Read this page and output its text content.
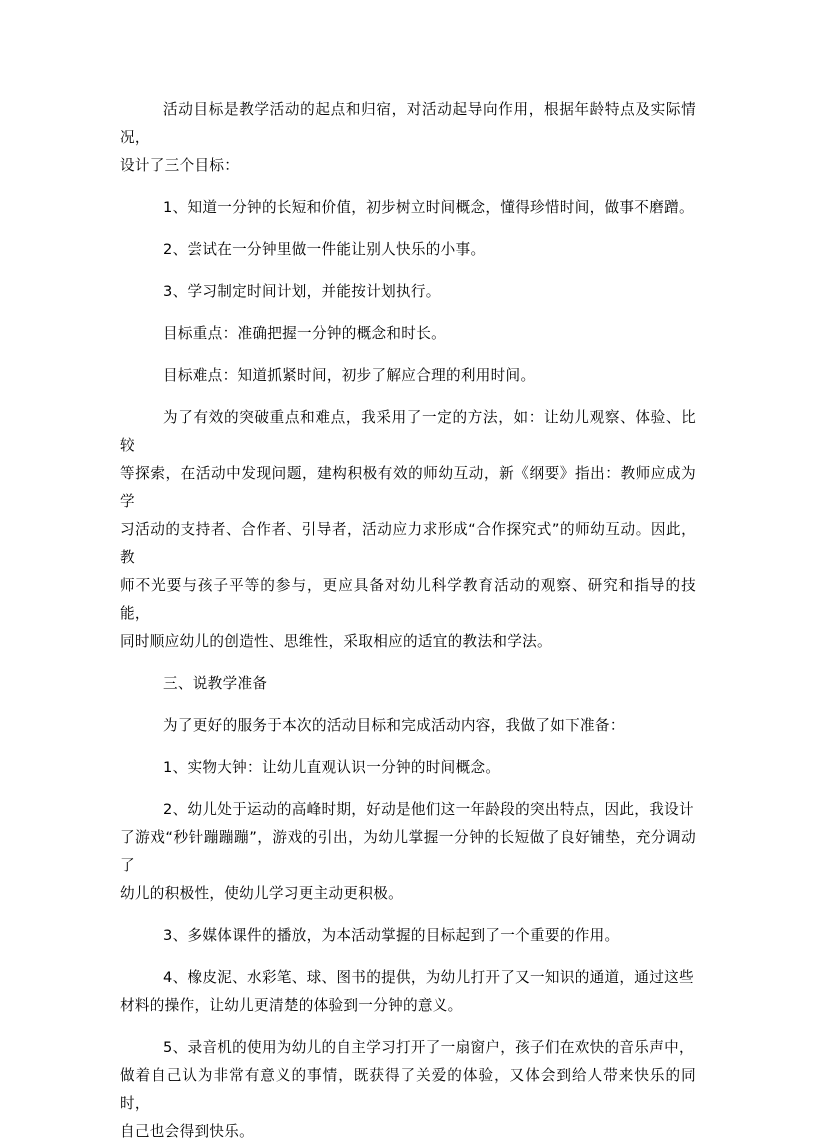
活动目标是教学活动的起点和归宿，对活动起导向作用，根据年龄特点及实际情况，
设计了三个目标：

1、知道一分钟的长短和价值，初步树立时间概念，懂得珍惜时间，做事不磨蹭。

2、尝试在一分钟里做一件能让别人快乐的小事。

3、学习制定时间计划，并能按计划执行。

目标重点：准确把握一分钟的概念和时长。

目标难点：知道抓紧时间，初步了解应合理的利用时间。

为了有效的突破重点和难点，我采用了一定的方法，如：让幼儿观察、体验、比较
等探索，在活动中发现问题，建构积极有效的师幼互动，新《纲要》指出：教师应成为学
习活动的支持者、合作者、引导者，活动应力求形成“合作探究式”的师幼互动。因此，教
师不光要与孩子平等的参与，更应具备对幼儿科学教育活动的观察、研究和指导的技能，
同时顺应幼儿的创造性、思维性，采取相应的适宜的教法和学法。

三、说教学准备

为了更好的服务于本次的活动目标和完成活动内容，我做了如下准备：

1、实物大钟：让幼儿直观认识一分钟的时间概念。

2、幼儿处于运动的高峰时期，好动是他们这一年龄段的突出特点，因此，我设计
了游戏“秒针蹦蹦蹦”，游戏的引出，为幼儿掌握一分钟的长短做了良好铺垫，充分调动了
幼儿的积极性，使幼儿学习更主动更积极。

3、多媒体课件的播放，为本活动掌握的目标起到了一个重要的作用。

4、橡皮泥、水彩笔、球、图书的提供，为幼儿打开了又一知识的通道，通过这些
材料的操作，让幼儿更清楚的体验到一分钟的意义。

5、录音机的使用为幼儿的自主学习打开了一扇窗户，孩子们在欢快的音乐声中，
做着自己认为非常有意义的事情，既获得了关爱的体验，又体会到给人带来快乐的同时，
自己也会得到快乐。
